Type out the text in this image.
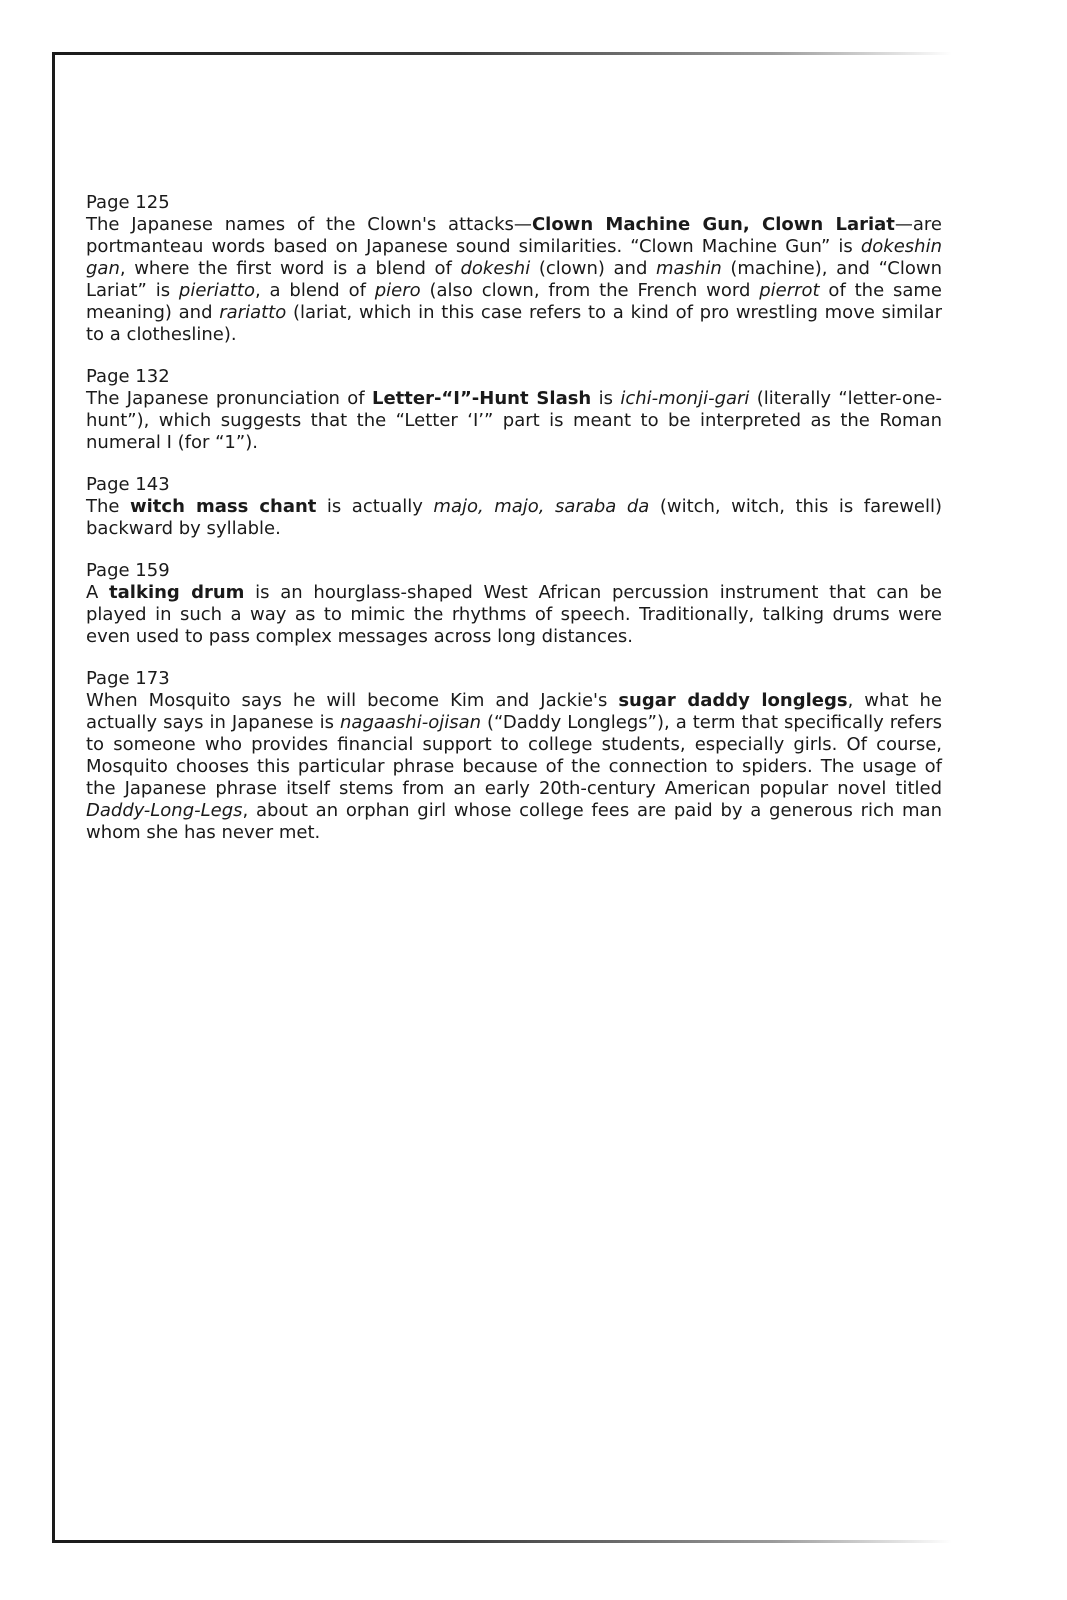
Page 125

The Japanese names of the Clown's attacks—Clown Machine Gun, Clown Lariat—are portmanteau words based on Japanese sound similarities. “Clown Machine Gun” is dokeshin gan, where the first word is a blend of dokeshi (clown) and mashin (machine), and “Clown Lariat” is pieriatto, a blend of piero (also clown, from the French word pierrot of the same meaning) and rariatto (lariat, which in this case refers to a kind of pro wrestling move similar to a clothesline).

Page 132

The Japanese pronunciation of Letter-“I”-Hunt Slash is ichi-monji-gari (literally “letter-one-hunt”), which suggests that the “Letter ‘I’” part is meant to be interpreted as the Roman numeral I (for “1”).

Page 143

The witch mass chant is actually majo, majo, saraba da (witch, witch, this is farewell) backward by syllable.

Page 159

A talking drum is an hourglass-shaped West African percussion instrument that can be played in such a way as to mimic the rhythms of speech. Traditionally, talking drums were even used to pass complex messages across long distances.

Page 173

When Mosquito says he will become Kim and Jackie's sugar daddy longlegs, what he actually says in Japanese is nagaashi-ojisan (“Daddy Longlegs”), a term that specifically refers to someone who provides financial support to college students, especially girls. Of course, Mosquito chooses this particular phrase because of the connection to spiders. The usage of the Japanese phrase itself stems from an early 20th-century American popular novel titled Daddy-Long-Legs, about an orphan girl whose college fees are paid by a generous rich man whom she has never met.
